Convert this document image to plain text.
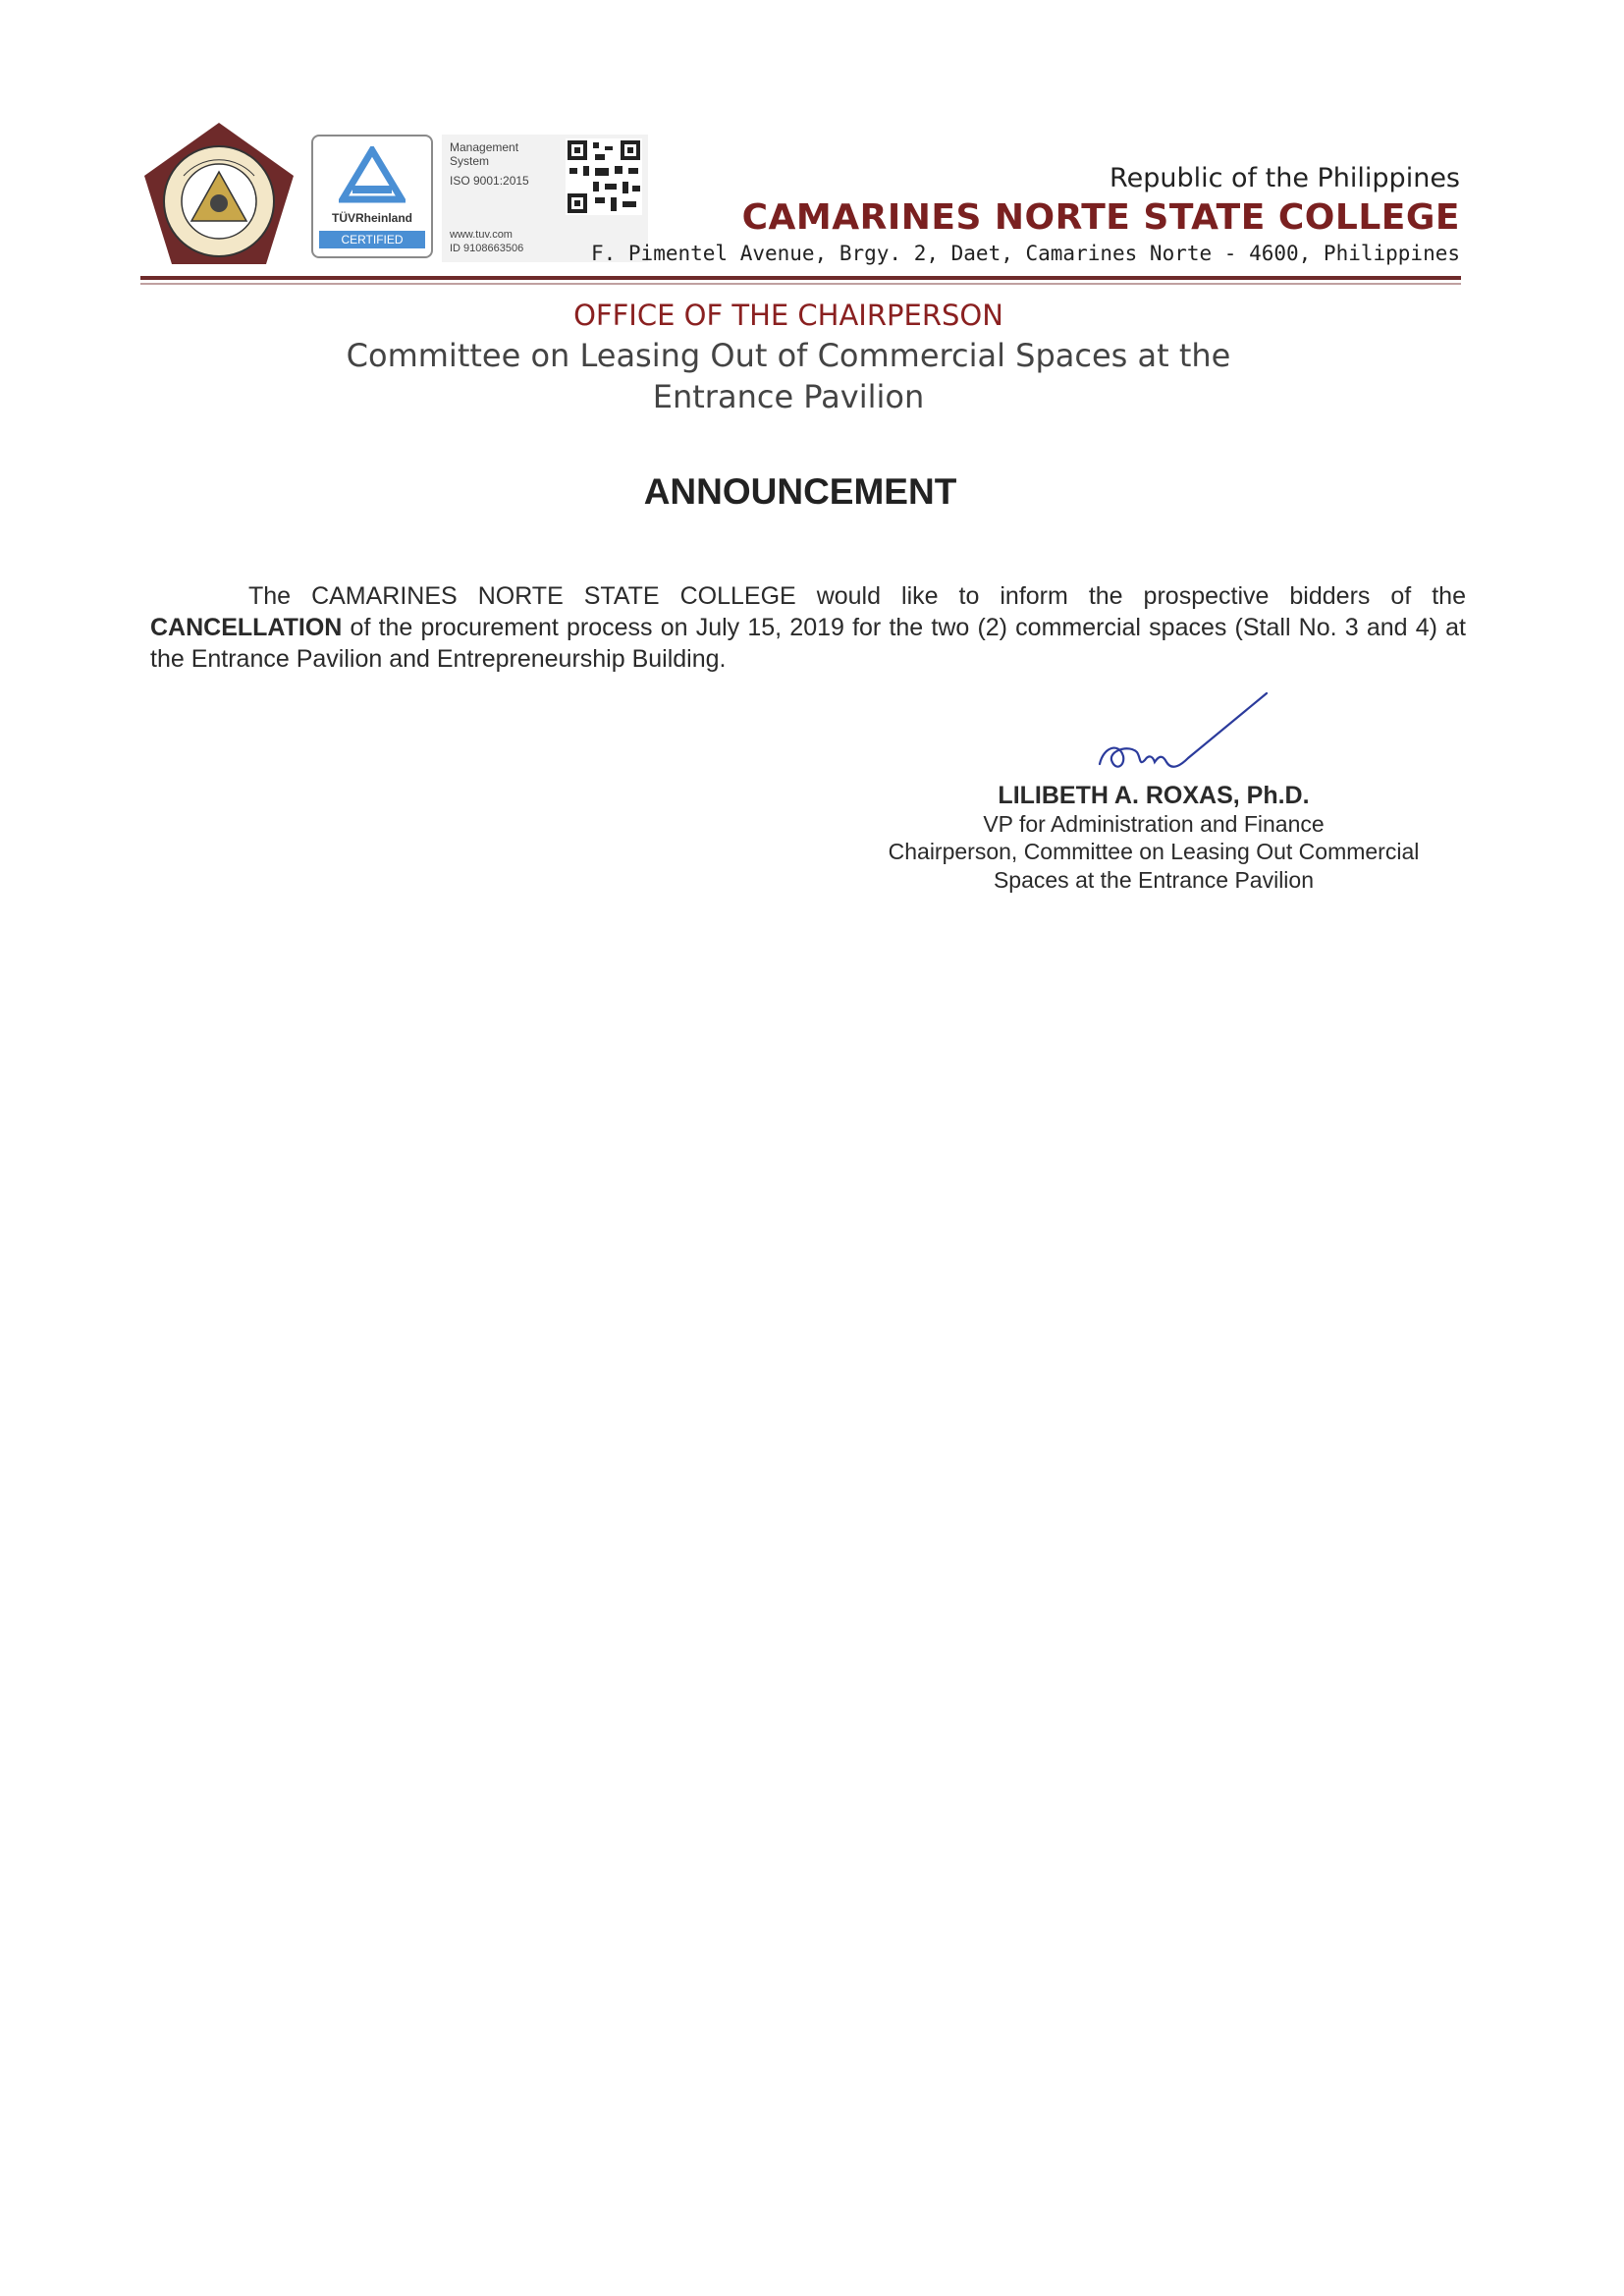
TÜVRheinland
CERTIFIED
Management
System
ISO 9001:2015
www.tuv.com
ID 9108663506
Republic of the Philippines
CAMARINES NORTE STATE COLLEGE
F. Pimentel Avenue, Brgy. 2, Daet, Camarines Norte - 4600, Philippines
OFFICE OF THE CHAIRPERSON
Committee on Leasing Out of Commercial Spaces at the
Entrance Pavilion
ANNOUNCEMENT
The CAMARINES NORTE STATE COLLEGE would like to inform the prospective bidders of the CANCELLATION of the procurement process on July 15, 2019 for the two (2) commercial spaces (Stall No. 3 and 4) at the Entrance Pavilion and Entrepreneurship Building.
LILIBETH A. ROXAS, Ph.D.
VP for Administration and Finance
Chairperson, Committee on Leasing Out Commercial
Spaces at the Entrance Pavilion
